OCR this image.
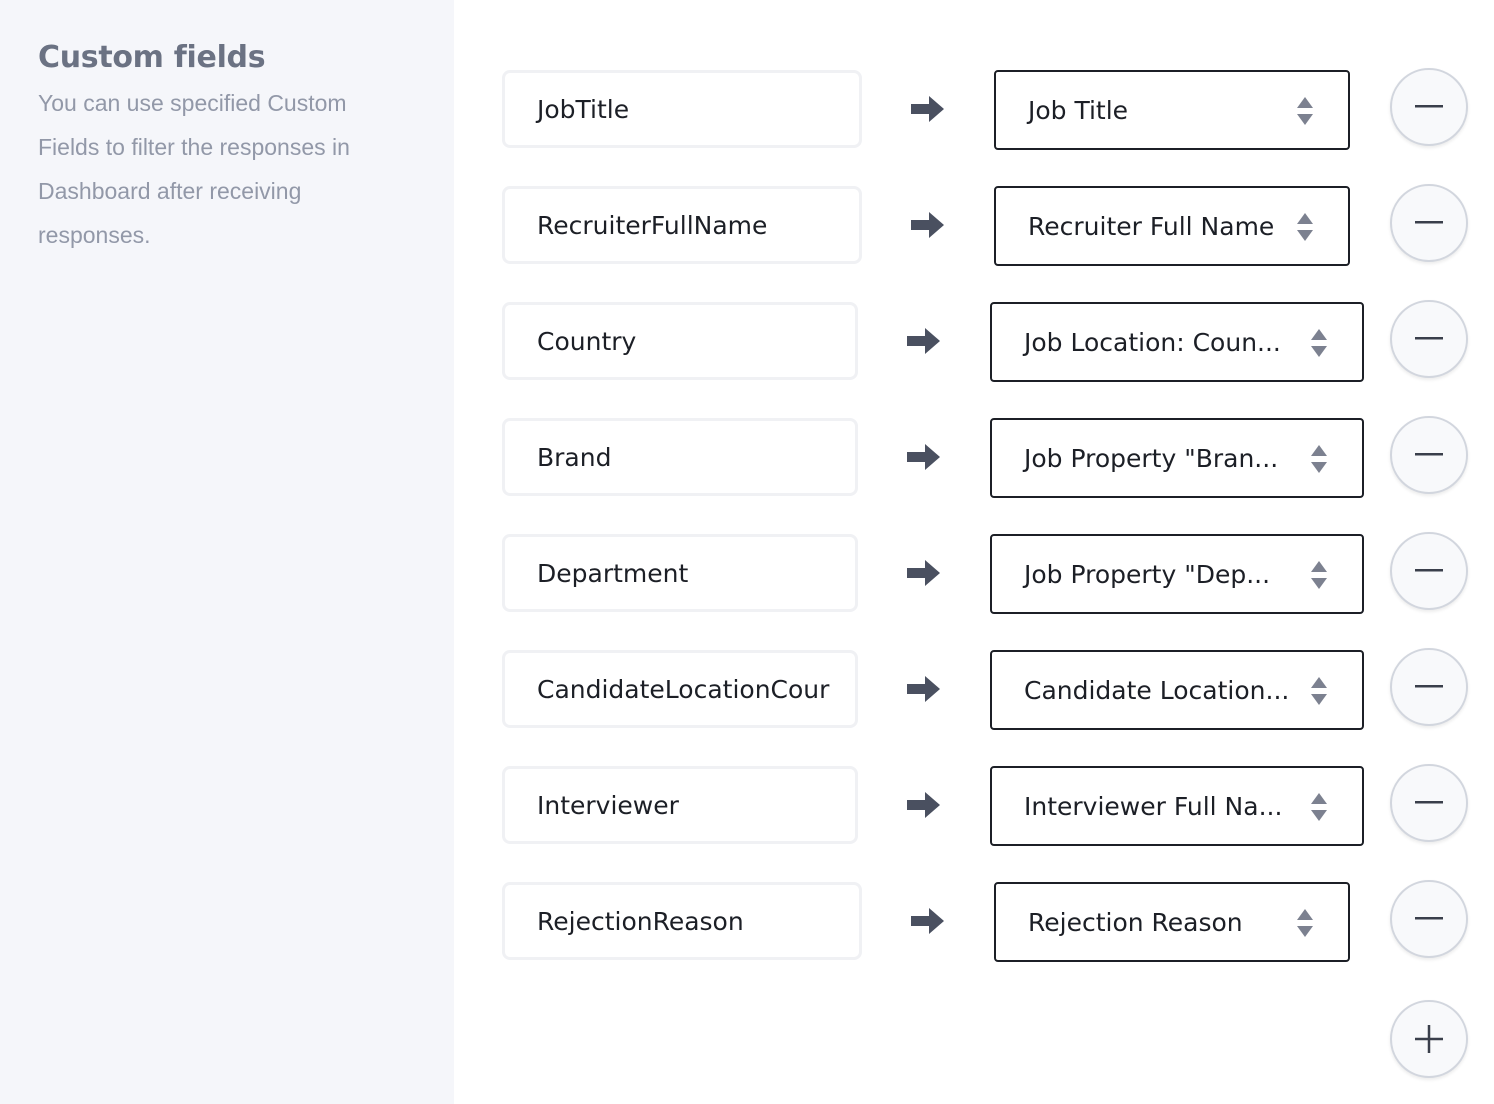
Custom fields

You can use specified Custom Fields to filter the responses in Dashboard after receiving responses.

JobTitle	Job Title
RecruiterFullName	Recruiter Full Name
Country	Job Location: Coun...
Brand	Job Property "Bran...
Department	Job Property "Dep...
CandidateLocationCour	Candidate Location...
Interviewer	Interviewer Full Na...
RejectionReason	Rejection Reason
